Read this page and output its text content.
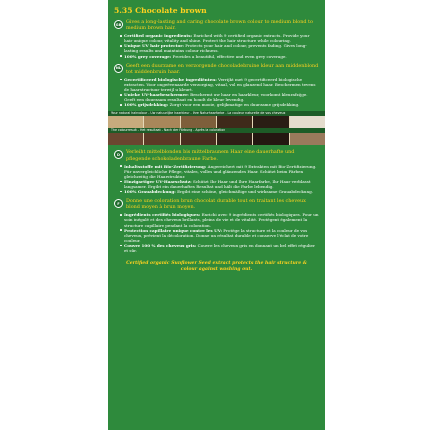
5.35 Chocolate brown
GB Gives a long-lasting and caring chocolate brown colour to medium blond to medium brown hair.
Certified organic ingredients: Enriched with 9 certified organic extracts. Provide your hair unique colour, vitality and shine. Protect the hair structure while colouring.
Unique UV hair protector: Protects your hair and colour, prevents fading. Gives long-lasting results and maintains colour richness.
100% grey coverage: Provides a beautiful, effective and even grey coverage.
NL Geeft een duurzame en verzorgende chocoladebruine kleur aan middenblond tot middenbruin haar.
Gecertificeerd biologische ingrediënten: Verrijkt met 9 gecertificeerd biologische extracten. Voor ongeëvenaarde verzorging, vitaal, vol en glanzend haar. Beschermen tevens de haarstructuur terwijl u kleurt.
Unieke UV-haarbeschermer: Beschermt uw haar en haarkleur, voorkomt kleurafzijge. Geeft een duurzaam resultaat en houdt de kleur levendig.
100% grijsdekking: Zorgt voor een mooie, gelijkmatige en duurzame grijsdekking.
Your natural haircolour - Uw natuurlijke haarkleur - Ihre Naturhaarfarbe - La couleur naturelle de vos cheveux
The colourresult - Het resultaat - Nach der Färbung - Après la coloration
D	Verleiht mittelblonden bis mittelbraunem Haar eine dauerhafte und pflegende schokoladenbraune Farbe.
Inhaltsstoffe mit Bio-Zertifizierung: Angereichert mit 9 Extrakten mit Bio-Zertifizierung. Für unvergleichliche Pflege, vitales, volles und glänzendes Haar. Schützt beim Färben gleichzeitig die Haarstruktur.
Einzigartiger UV-Haarschutz: Schützt Ihr Haar und Ihre Haarfarbe, Ihr Haar verblasst langsamer. Ergibt ein dauerhaftes Resultat und hält die Farbe lebendig.
100% Grauabdeckung: Ergibt eine schöne, gleichmäßige und wirksame Grauabdeckung.
F	Donne une coloration brun chocolat durable tout en traitant les cheveux blond moyen à brun moyen.
Ingrédients certifiés biologiques: Enrichi avec 9 ingrédients certifiés biologiques. Pour un soin inégalé et des cheveux brillants, pleins de vie et de vitalité. Protègent également la structure capillaire pendant la coloration.
Protection capillaire unique contre les UV: Protège la structure et la couleur de vos cheveux, prévient la décoloration. Donne un résultat durable et conserve l'éclat de votre couleur.
Couvre 100 % des cheveux gris: Couvre les cheveux gris en donnant un bel effet régulier et sûr.
Certified organic Sunflower Seed extract protects the hair structure & colour against washing out.
